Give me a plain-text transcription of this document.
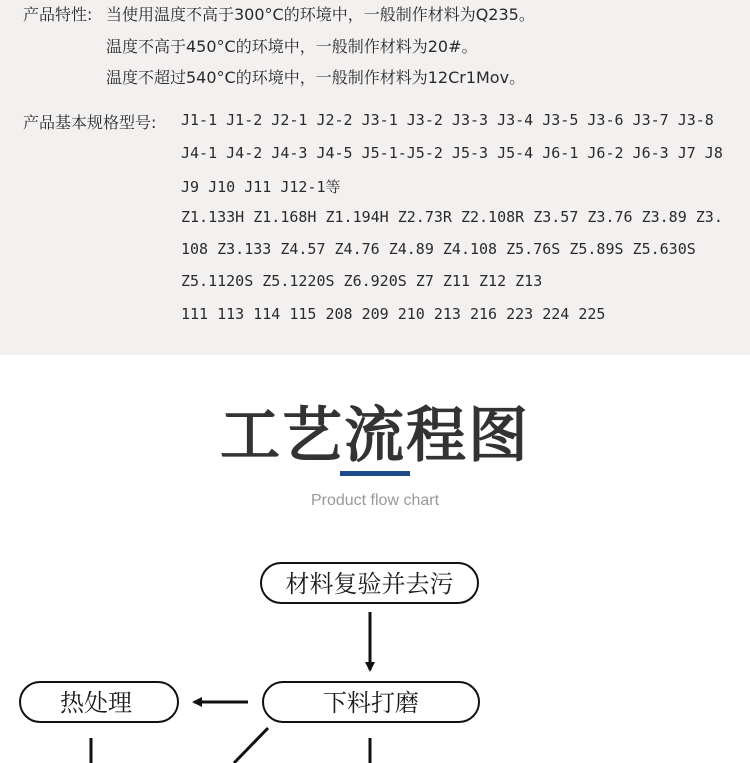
产品特性: 当使用温度不高于300°C的环境中，一般制作材料为Q235。
温度不高于450°C的环境中，一般制作材料为20#。
温度不超过540°C的环境中，一般制作材料为12Cr1Mov。
产品基本规格型号: J1-1 J1-2 J2-1 J2-2 J3-1 J3-2 J3-3 J3-4 J3-5 J3-6 J3-7 J3-8
J4-1 J4-2 J4-3 J4-5 J5-1-J5-2 J5-3 J5-4 J6-1 J6-2 J6-3 J7 J8
J9 J10 J11 J12-1等
Z1.133H Z1.168H Z1.194H Z2.73R Z2.108R Z3.57 Z3.76 Z3.89 Z3.
108 Z3.133 Z4.57 Z4.76 Z4.89 Z4.108 Z5.76S Z5.89S Z5.630S
Z5.1120S Z5.1220S Z6.920S Z7 Z11 Z12 Z13
111 113 114 115 208 209 210 213 216 223 224 225
工艺流程图
Product flow chart
材料复验并去污
下料打磨
热处理
